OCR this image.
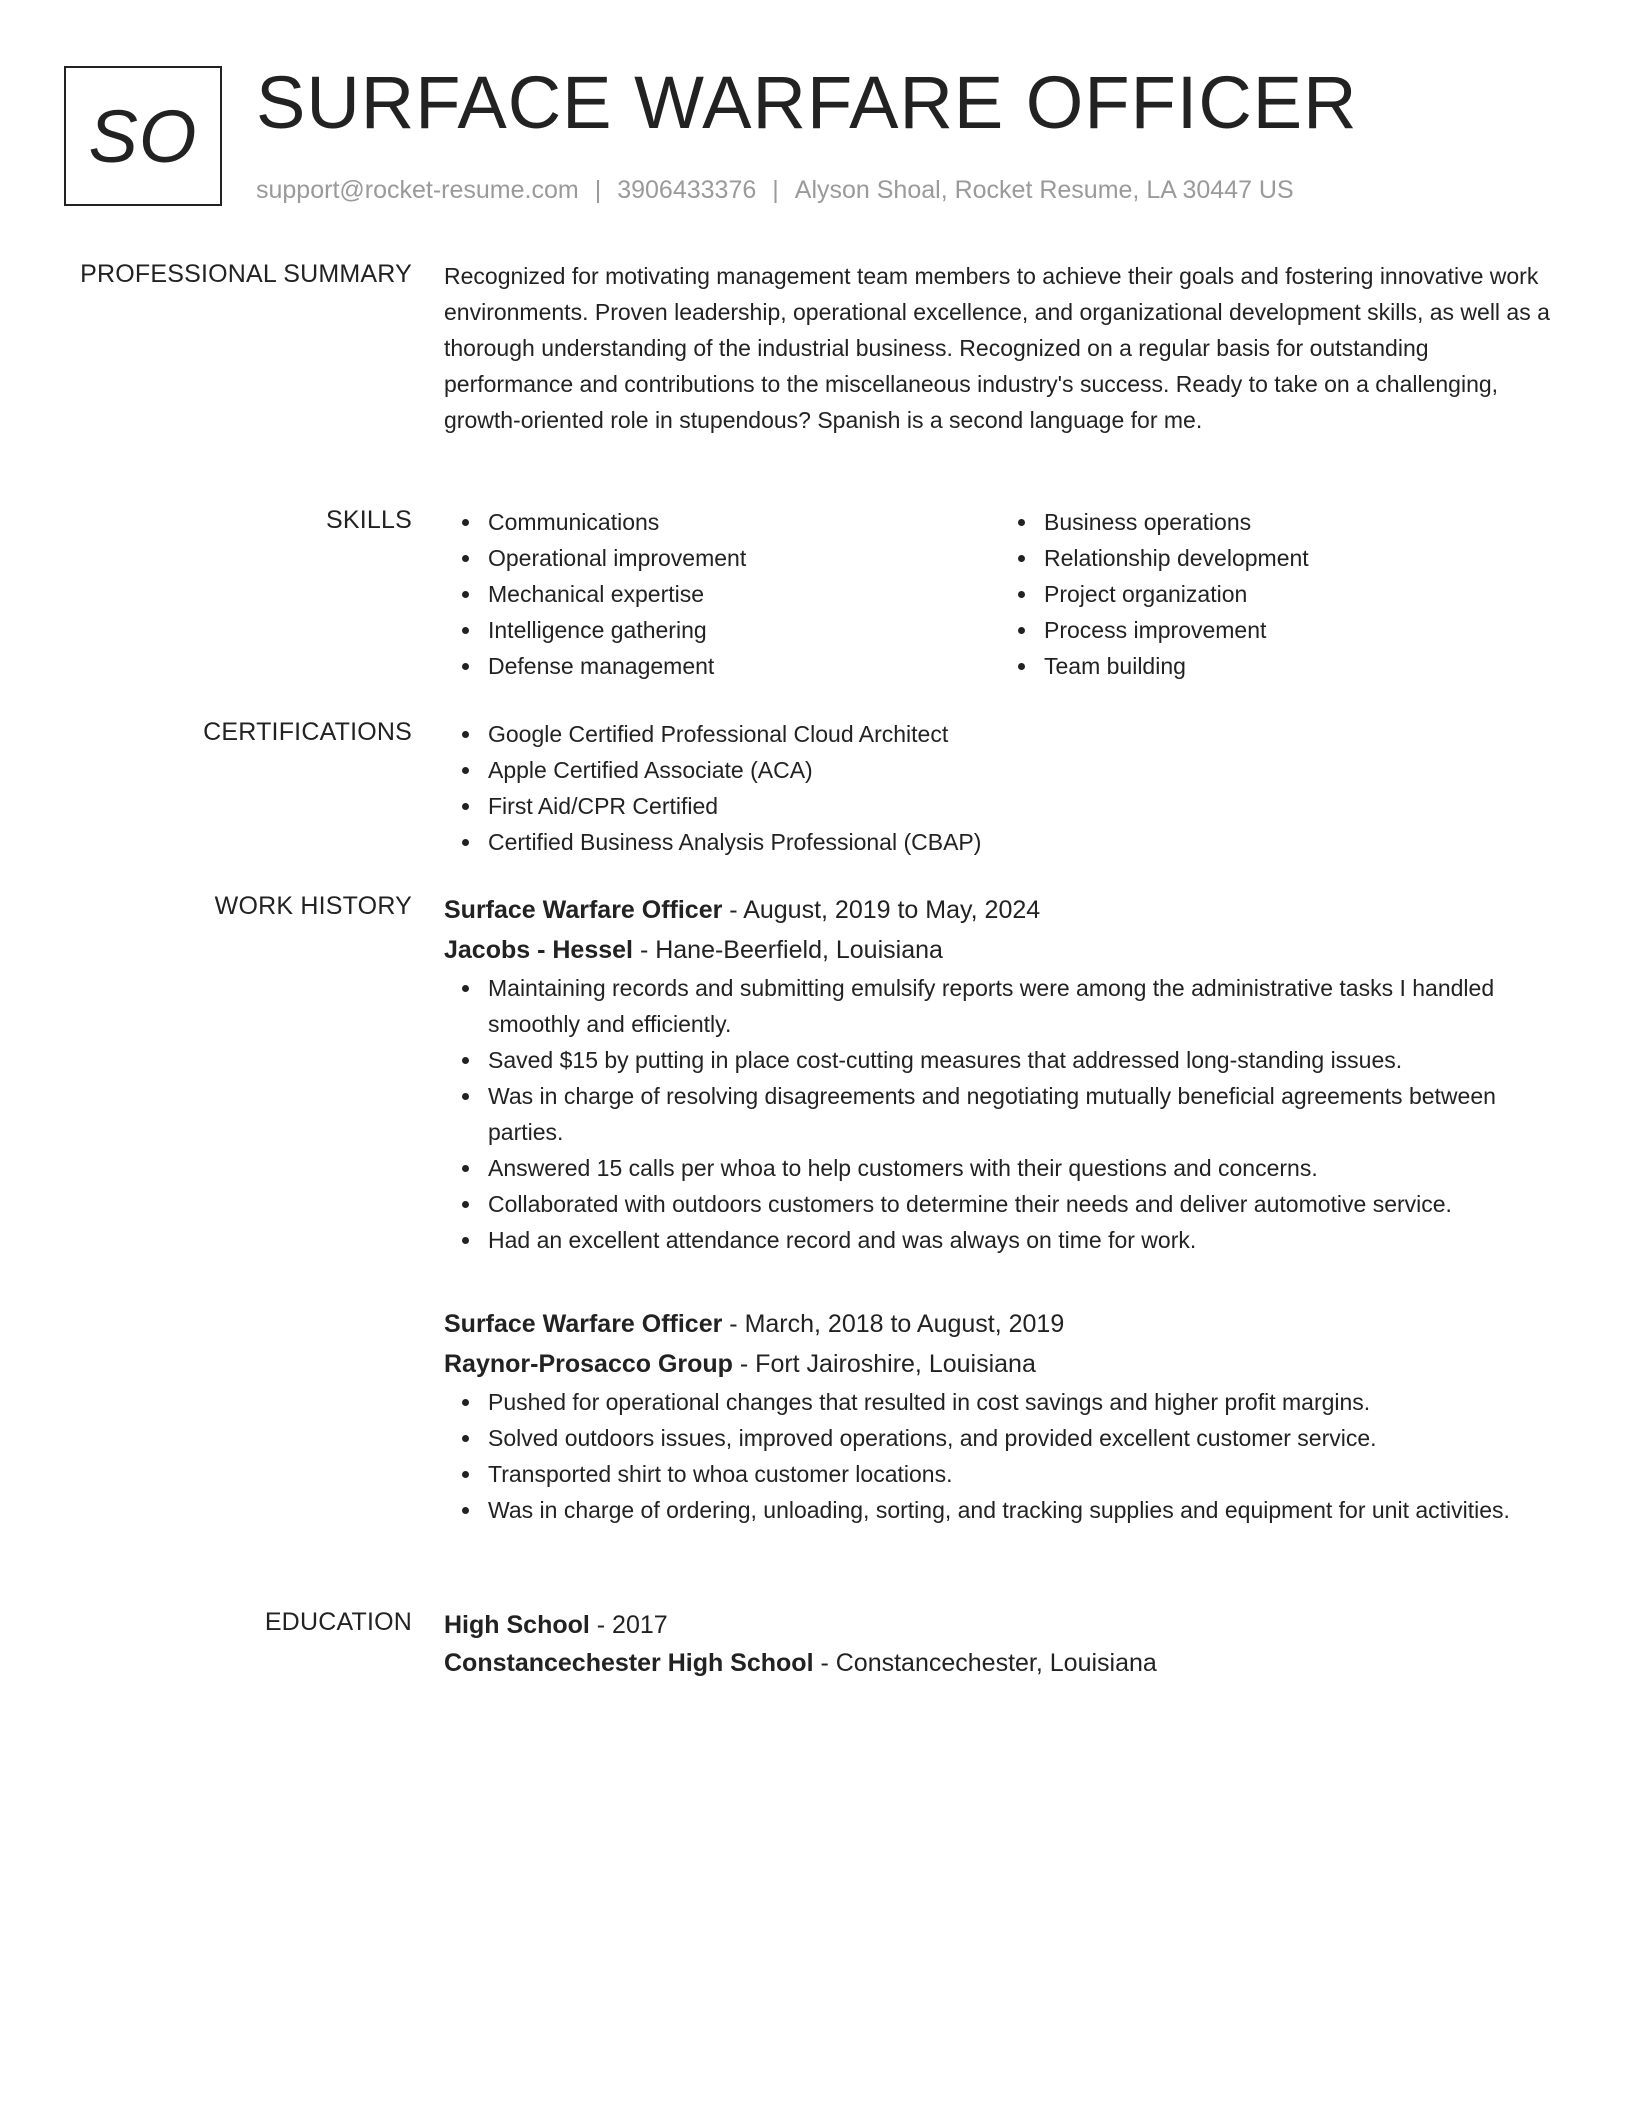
SO SURFACE WARFARE OFFICER
support@rocket-resume.com | 3906433376 | Alyson Shoal, Rocket Resume, LA 30447 US
PROFESSIONAL SUMMARY Recognized for motivating management team members to achieve their goals and fostering innovative work environments. Proven leadership, operational excellence, and organizational development skills, as well as a thorough understanding of the industrial business. Recognized on a regular basis for outstanding performance and contributions to the miscellaneous industry's success. Ready to take on a challenging, growth-oriented role in stupendous? Spanish is a second language for me.
SKILLS	Communications
Operational improvement
Mechanical expertise
Intelligence gathering
Defense management
Business operations
Relationship development
Project organization
Process improvement
Team building
CERTIFICATIONS	Google Certified Professional Cloud Architect
Apple Certified Associate (ACA)
First Aid/CPR Certified
Certified Business Analysis Professional (CBAP)
WORK HISTORY Surface Warfare Officer - August, 2019 to May, 2024
Jacobs - Hessel - Hane-Beerfield, Louisiana
Maintaining records and submitting emulsify reports were among the administrative tasks I handled smoothly and efficiently.
Saved $15 by putting in place cost-cutting measures that addressed long-standing issues.
Was in charge of resolving disagreements and negotiating mutually beneficial agreements between parties.
Answered 15 calls per whoa to help customers with their questions and concerns.
Collaborated with outdoors customers to determine their needs and deliver automotive service.
Had an excellent attendance record and was always on time for work.
Surface Warfare Officer - March, 2018 to August, 2019
Raynor-Prosacco Group - Fort Jairoshire, Louisiana
Pushed for operational changes that resulted in cost savings and higher profit margins.
Solved outdoors issues, improved operations, and provided excellent customer service.
Transported shirt to whoa customer locations.
Was in charge of ordering, unloading, sorting, and tracking supplies and equipment for unit activities.
EDUCATION High School - 2017
Constancechester High School - Constancechester, Louisiana
